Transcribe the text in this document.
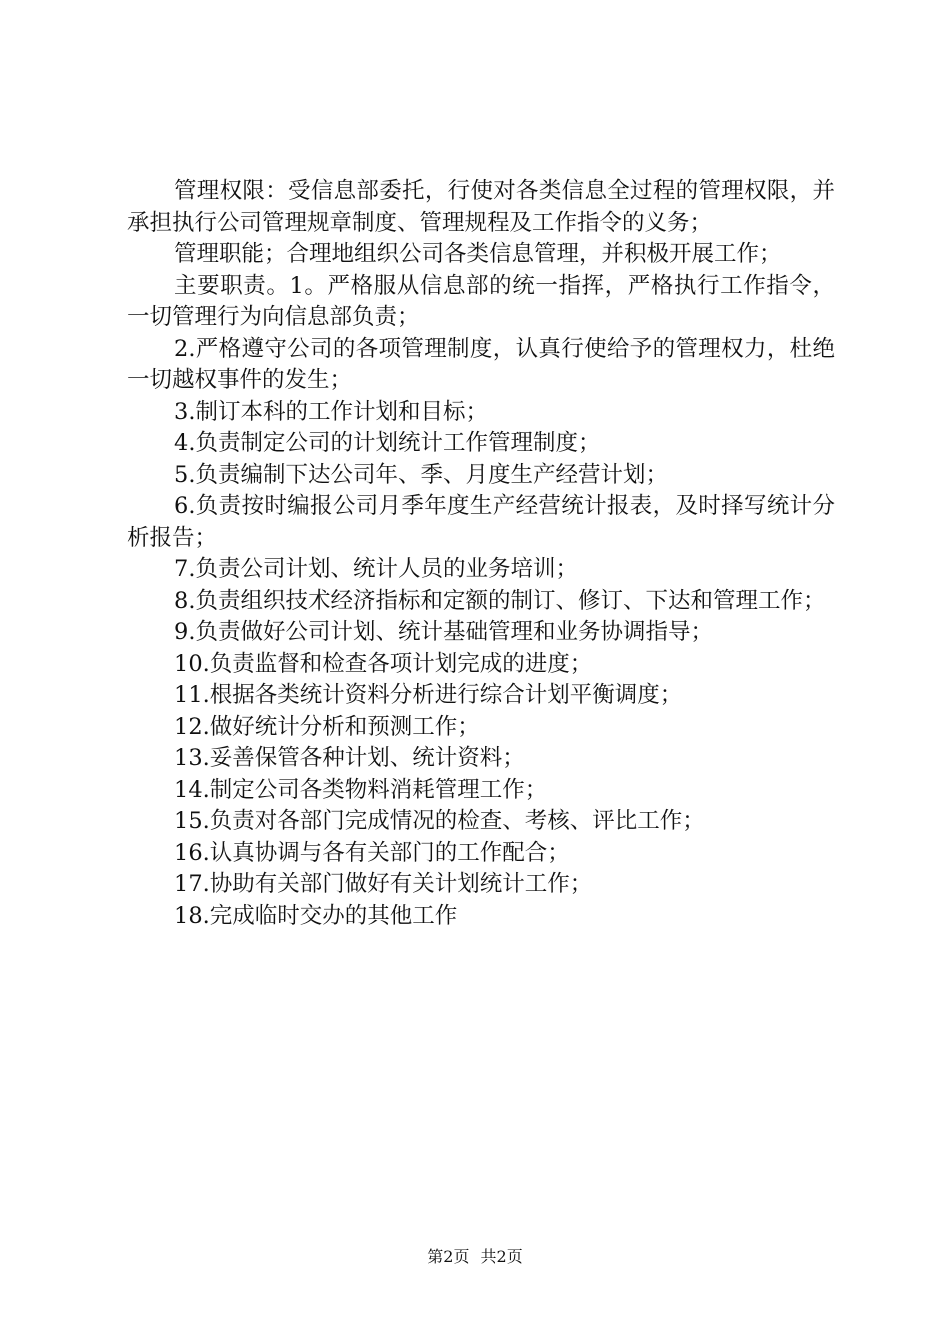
管理权限：受信息部委托，行使对各类信息全过程的管理权限，并承担执行公司管理规章制度、管理规程及工作指令的义务；

管理职能；合理地组织公司各类信息管理，并积极开展工作；

主要职责。1。严格服从信息部的统一指挥，严格执行工作指令，一切管理行为向信息部负责；

2.严格遵守公司的各项管理制度，认真行使给予的管理权力，杜绝一切越权事件的发生；

3.制订本科的工作计划和目标；

4.负责制定公司的计划统计工作管理制度；

5.负责编制下达公司年、季、月度生产经营计划；

6.负责按时编报公司月季年度生产经营统计报表，及时择写统计分析报告；

7.负责公司计划、统计人员的业务培训；

8.负责组织技术经济指标和定额的制订、修订、下达和管理工作；

9.负责做好公司计划、统计基础管理和业务协调指导；

10.负责监督和检查各项计划完成的进度；

11.根据各类统计资料分析进行综合计划平衡调度；

12.做好统计分析和预测工作；

13.妥善保管各种计划、统计资料；

14.制定公司各类物料消耗管理工作；

15.负责对各部门完成情况的检查、考核、评比工作；

16.认真协调与各有关部门的工作配合；

17.协助有关部门做好有关计划统计工作；

18.完成临时交办的其他工作

第2页 共2页
